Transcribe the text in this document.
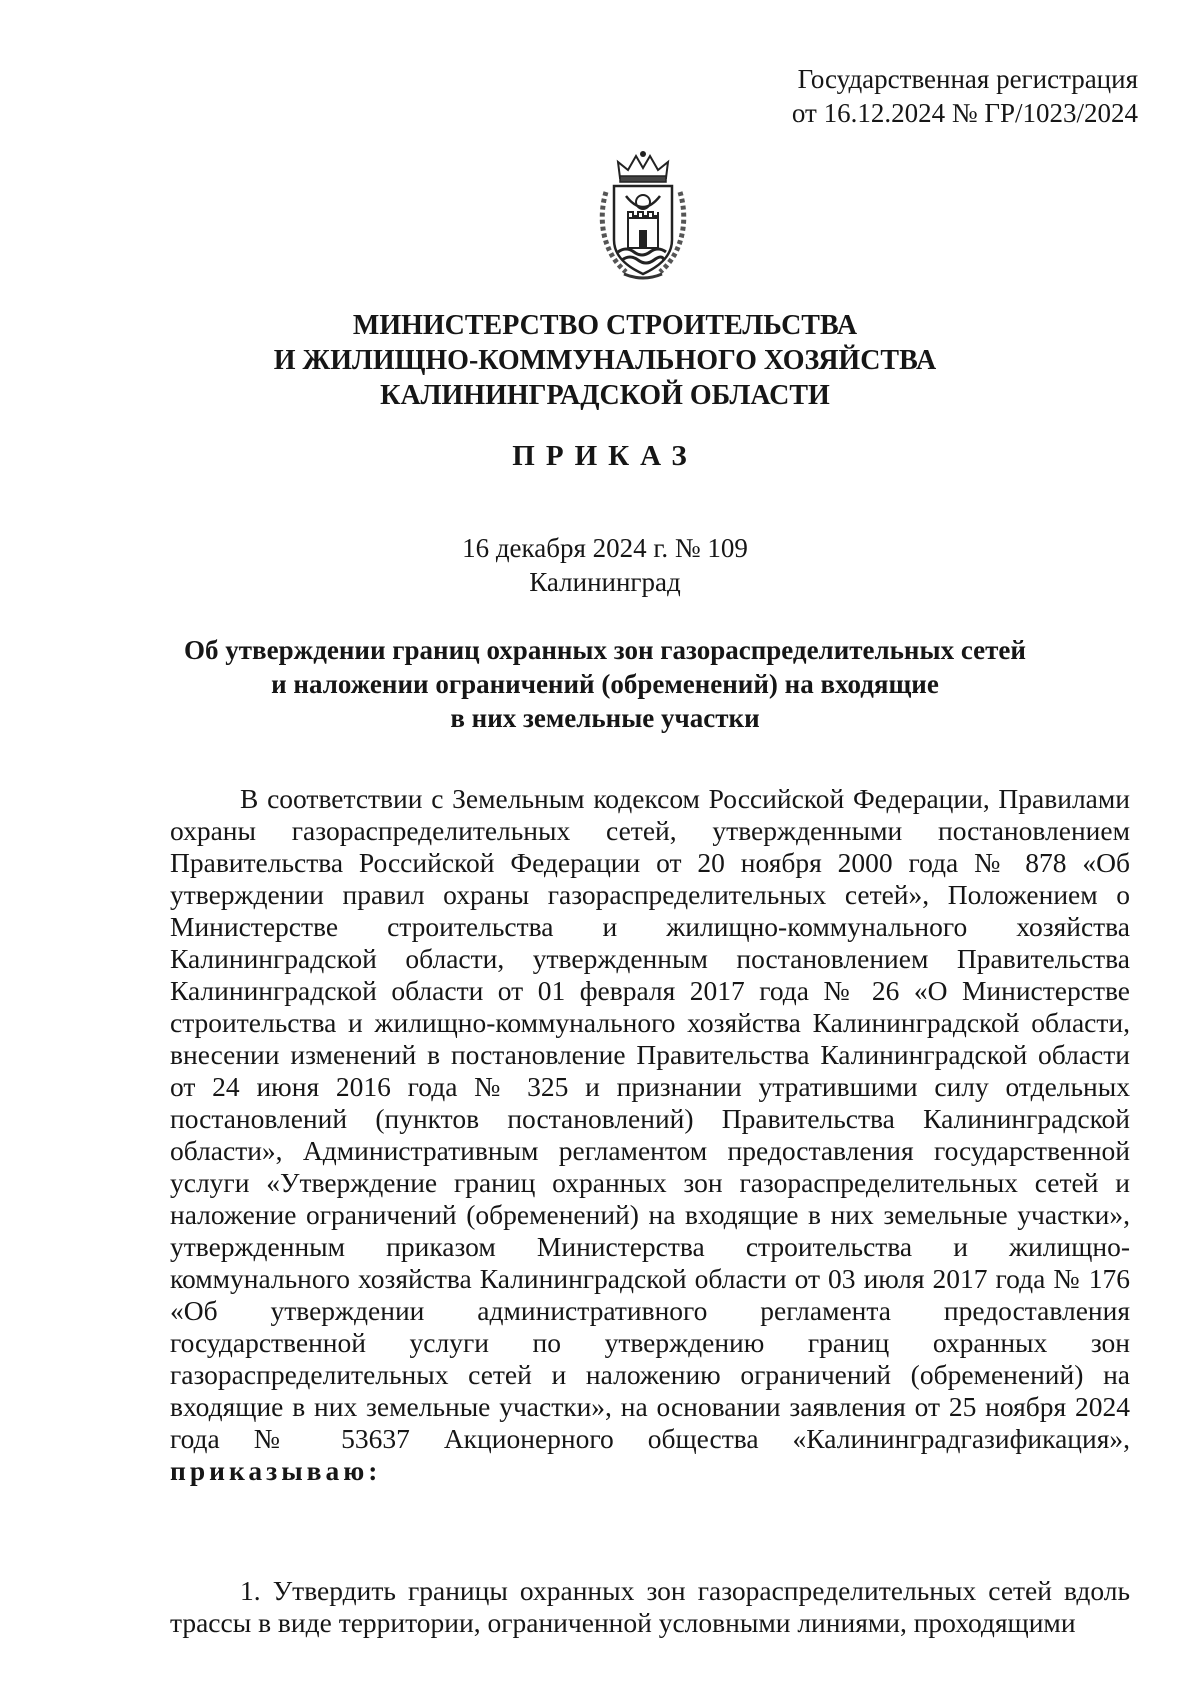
Государственная регистрация
от 16.12.2024 № ГР/1023/2024
МИНИСТЕРСТВО СТРОИТЕЛЬСТВА
И ЖИЛИЩНО-КОММУНАЛЬНОГО ХОЗЯЙСТВА
КАЛИНИНГРАДСКОЙ ОБЛАСТИ
ПРИКАЗ
16 декабря 2024 г. № 109
Калининград
Об утверждении границ охранных зон газораспределительных сетей
и наложении ограничений (обременений) на входящие
в них земельные участки
В соответствии с Земельным кодексом Российской Федерации, Правилами охраны газораспределительных сетей, утвержденными постановлением Правительства Российской Федерации от 20 ноября 2000 года № 878 «Об утверждении правил охраны газораспределительных сетей», Положением о Министерстве строительства и жилищно-коммунального хозяйства Калининградской области, утвержденным постановлением Правительства Калининградской области от 01 февраля 2017 года № 26 «О Министерстве строительства и жилищно-коммунального хозяйства Калининградской области, внесении изменений в постановление Правительства Калининградской области от 24 июня 2016 года № 325 и признании утратившими силу отдельных постановлений (пунктов постановлений) Правительства Калининградской области», Административным регламентом предоставления государственной услуги «Утверждение границ охранных зон газораспределительных сетей и наложение ограничений (обременений) на входящие в них земельные участки», утвержденным приказом Министерства строительства и жилищно-коммунального хозяйства Калининградской области от 03 июля 2017 года № 176 «Об утверждении административного регламента предоставления государственной услуги по утверждению границ охранных зон газораспределительных сетей и наложению ограничений (обременений) на входящие в них земельные участки», на основании заявления от 25 ноября 2024 года № 53637 Акционерного общества «Калининградгазификация», приказываю:
1. Утвердить границы охранных зон газораспределительных сетей вдоль трассы в виде территории, ограниченной условными линиями, проходящими
